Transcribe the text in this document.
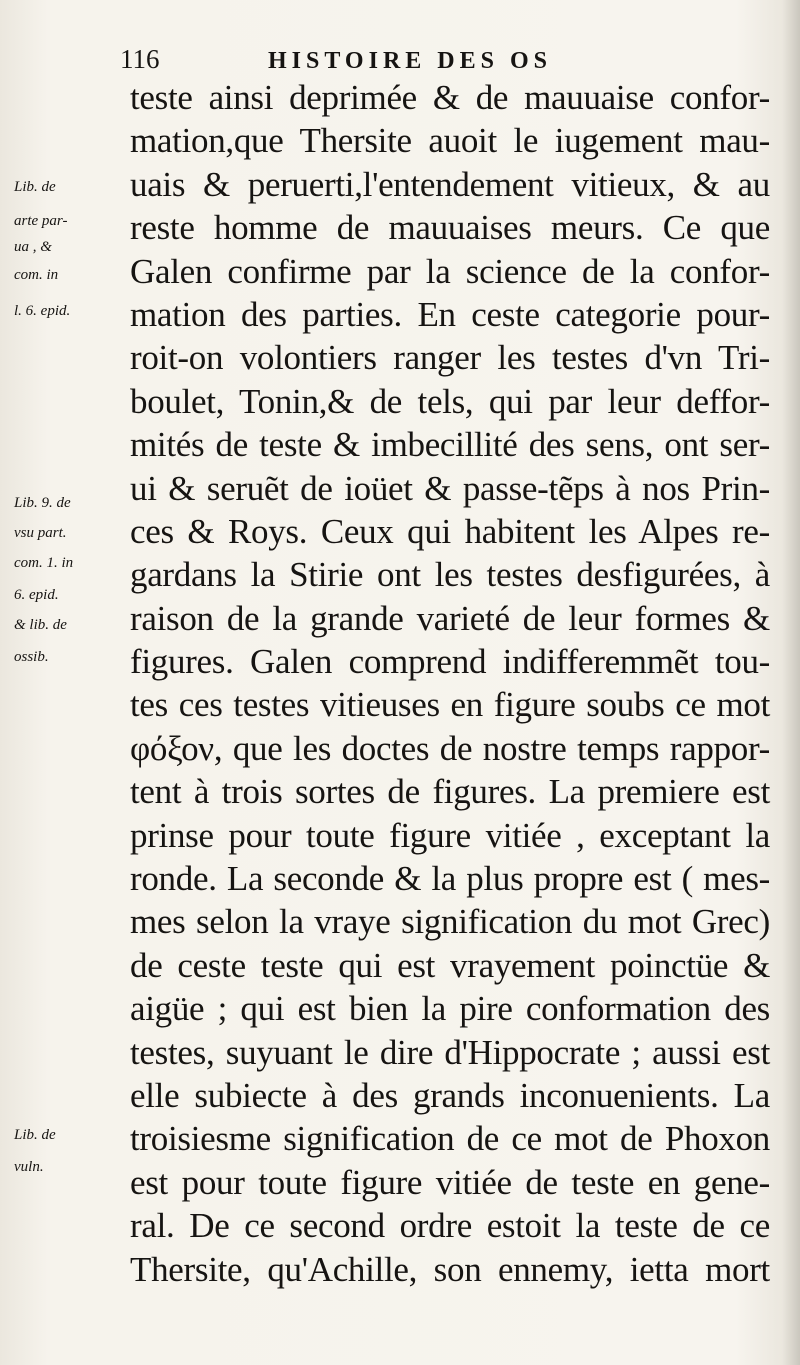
116	HISTOIRE DES OS
teste ainsi deprimée & de mauuaise confor-
mation,que Thersite auoit le iugement mau-
uais & peruerti,l'entendement vitieux, & au
reste homme de mauuaises meurs. Ce que
Galen confirme par la science de la confor-
mation des parties. En ceste categorie pour-
roit-on volontiers ranger les testes d'vn Tri-
boulet, Tonin,& de tels, qui par leur deffor-
mités de teste & imbecillité des sens, ont ser-
ui & seruẽt de ioüet & passe-tẽps à nos Prin-
ces & Roys. Ceux qui habitent les Alpes re-
gardans la Stirie ont les testes desfigurées, à
raison de la grande varieté de leur formes &
figures. Galen comprend indifferemmẽt tou-
tes ces testes vitieuses en figure soubs ce mot
φόξον, que les doctes de nostre temps rappor-
tent à trois sortes de figures. La premiere est
prinse pour toute figure vitiée , exceptant la
ronde. La seconde & la plus propre est ( mes-
mes selon la vraye signification du mot Grec)
de ceste teste qui est vrayement poinctüe &
aigüe ; qui est bien la pire conformation des
testes, suyuant le dire d'Hippocrate ; aussi est
elle subiecte à des grands inconuenients. La
troisiesme signification de ce mot de Phoxon
est pour toute figure vitiée de teste en gene-
ral. De ce second ordre estoit la teste de ce
Thersite, qu'Achille, son ennemy, ietta mort
Lib. de
arte par-
ua , &
com. in
l. 6. epid.
Lib. 9. de
vsu part.
com. 1. in
6. epid.
& lib. de
ossib.
Lib. de
vuln.
